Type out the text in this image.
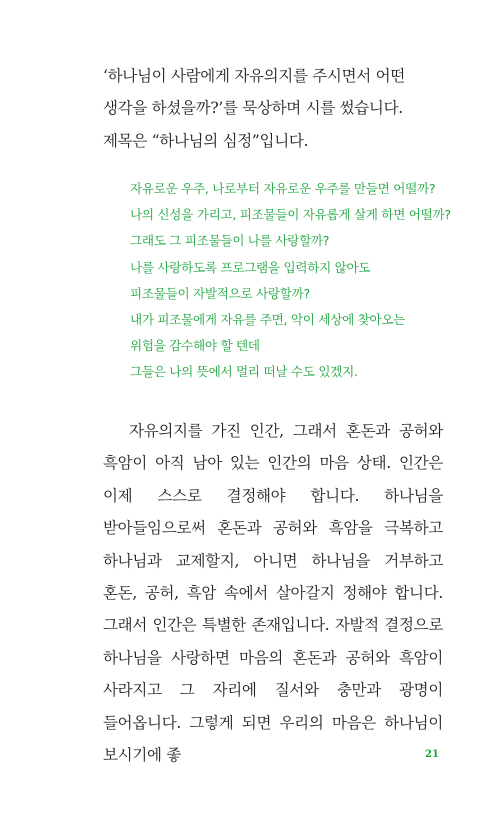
‘하나님이 사람에게 자유의지를 주시면서 어떤 생각을 하셨을까?’를 묵상하며 시를 썼습니다. 제목은 “하나님의 심정”입니다.

자유로운 우주, 나로부터 자유로운 우주를 만들면 어떨까?
나의 신성을 가리고, 피조물들이 자유롭게 살게 하면 어떨까?
그래도 그 피조물들이 나를 사랑할까?
나를 사랑하도록 프로그램을 입력하지 않아도
피조물들이 자발적으로 사랑할까?
내가 피조물에게 자유를 주면, 악이 세상에 찾아오는
위험을 감수해야 할 텐데
그들은 나의 뜻에서 멀리 떠날 수도 있겠지.

자유의지를 가진 인간, 그래서 혼돈과 공허와 흑암이 아직 남아 있는 인간의 마음 상태. 인간은 이제 스스로 결정해야 합니다. 하나님을 받아들임으로써 혼돈과 공허와 흑암을 극복하고 하나님과 교제할지, 아니면 하나님을 거부하고 혼돈, 공허, 흑암 속에서 살아갈지 정해야 합니다. 그래서 인간은 특별한 존재입니다. 자발적 결정으로 하나님을 사랑하면 마음의 혼돈과 공허와 흑암이 사라지고 그 자리에 질서와 충만과 광명이 들어옵니다. 그렇게 되면 우리의 마음은 하나님이 보시기에 좋	21
